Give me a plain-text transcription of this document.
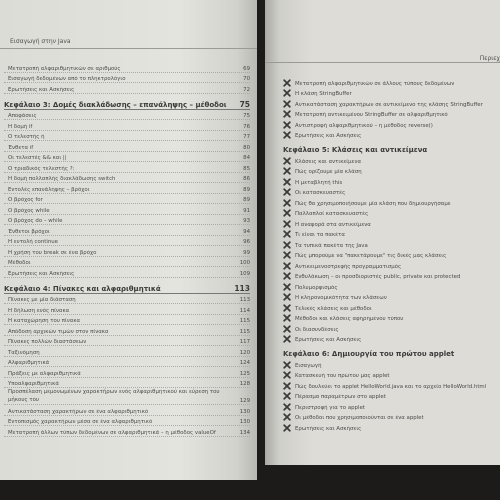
Εισαγωγή στην Java
Μετατροπή αλφαριθμητικών σε αριθμούς	69
Εισαγωγή δεδομένων από το πληκτρολόγιο	70
Ερωτήσεις και Ασκήσεις	72
Κεφάλαιο 3: Δομές διακλάδωσης – επανάληψης – μέθοδοι	75
Αποφάσεις	75
Η δομή if	76
Ο τελεστής ή	77
Ένθετα if	80
Οι τελεστές && και ||	84
Ο τριαδικός τελεστής ?:	85
Η δομή πολλαπλής διακλάδωσης switch	86
Εντολές επανάληψης – βρόχοι	89
Ο βρόχος for	89
Ο βρόχος while	91
Ο βρόχος do – while	93
Ένθετοι βρόχοι	94
Η εντολή continue	96
Η χρήση του break σε ένα βρόχο	99
Μέθοδοι	100
Ερωτήσεις και Ασκήσεις	109
Κεφάλαιο 4: Πίνακες και αλφαριθμητικά	113
Πίνακες με μία διάσταση	113
Η δήλωση ενός πίνακα	114
Η καταχώρηση του πίνακα	115
Απόδοση αρχικών τιμών στον πίνακα	115
Πίνακες πολλών διαστάσεων	117
Ταξινόμηση	120
Αλφαριθμητικά	124
Πράξεις με αλφαριθμητικά	125
Υποαλφαριθμητικά	128
Προσπέλαση μεμονωμένων χαρακτήρων ενός αλφαριθμητικού και εύρεση του μήκους του	129
Αντικατάσταση χαρακτήρων σε ένα αλφαριθμητικό	130
Εντοπισμός χαρακτήρων μέσα σε ένα αλφαριθμητικό	130
Μετατροπή άλλων τύπων δεδομένων σε αλφαριθμητικά – η μέθοδος valueOf	134
Περιεχ
Μετατροπή αλφαριθμητικών σε άλλους τύπους δεδομένων
Η κλάση StringBuffer
Αντικατάσταση χαρακτήρων σε αντικείμενο της κλάσης StringBuffer
Μετατροπή αντικειμένου StringBuffer σε αλφαριθμητικό
Αντιστροφή αλφαριθμητικού – η μέθοδος reverse()
Ερωτήσεις και Ασκήσεις
Κεφάλαιο 5: Κλάσεις και αντικείμενα
Κλάσεις και αντικείμενα
Πώς ορίζουμε μία κλάση
Η μεταβλητή this
Οι κατασκευαστές
Πώς θα χρησιμοποιήσουμε μία κλάση που δημιουργήσαμε
Παλλαπλοί κατασκευαστές
Η αναφορά στα αντικείμενα
Τι είναι τα πακέτα
Τα τυπικά πακέτα της Java
Πώς μπορούμε να "πακετάρουμε" τις δικές μας κλάσεις
Αντικειμενοστρεφής προγραμματισμός
Ενθυλάκωση – οι προσδιοριστές public, private και protected
Πολυμορφισμός
Η κληρονομικότητα των κλάσεων
Τελικές κλάσεις και μέθοδοι
Μέθοδοι και κλάσεις αφηρημένου τύπου
Οι διασυνδέσεις
Ερωτήσεις και Ασκήσεις
Κεφάλαιο 6: Δημιουργία του πρώτου applet
Εισαγωγή
Κατασκευή του πρώτου μας applet
Πώς δουλεύει το applet HelloWorld.java και το αρχείο HelloWorld.html
Πέρασμα παραμέτρων στο applet
Περιστροφή για το applet
Οι μέθοδοι που χρησιμοποιούνται σε ένα applet
Ερωτήσεις και Ασκήσεις
